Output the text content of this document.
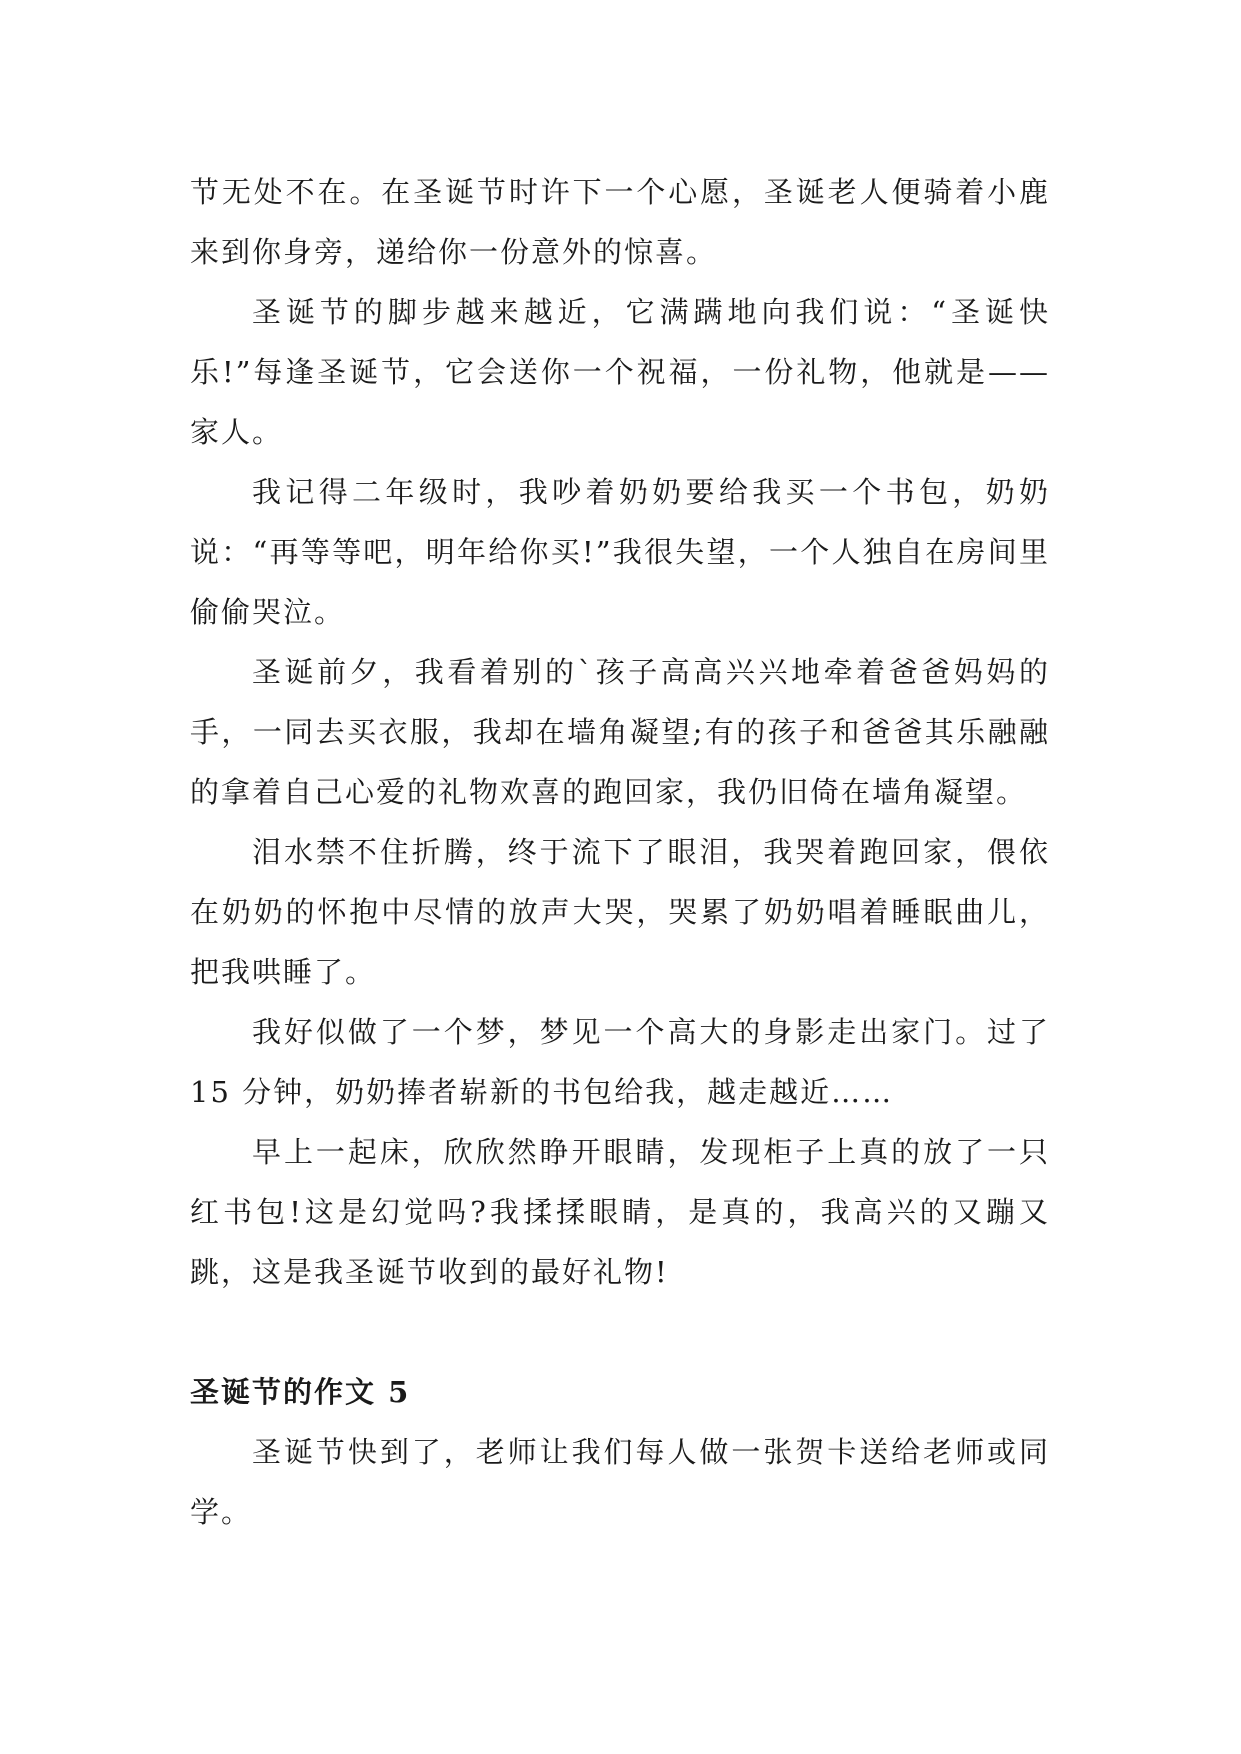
节无处不在。在圣诞节时许下一个心愿，圣诞老人便骑着小鹿来到你身旁，递给你一份意外的惊喜。

圣诞节的脚步越来越近，它满蹒地向我们说：“圣诞快乐!”每逢圣诞节，它会送你一个祝福，一份礼物，他就是——家人。

我记得二年级时，我吵着奶奶要给我买一个书包，奶奶说：“再等等吧，明年给你买!”我很失望，一个人独自在房间里偷偷哭泣。

圣诞前夕，我看着别的`孩子高高兴兴地牵着爸爸妈妈的手，一同去买衣服，我却在墙角凝望;有的孩子和爸爸其乐融融的拿着自己心爱的礼物欢喜的跑回家，我仍旧倚在墙角凝望。

泪水禁不住折腾，终于流下了眼泪，我哭着跑回家，偎依在奶奶的怀抱中尽情的放声大哭，哭累了奶奶唱着睡眠曲儿，把我哄睡了。

我好似做了一个梦，梦见一个高大的身影走出家门。过了 15 分钟，奶奶捧者崭新的书包给我，越走越近……

早上一起床，欣欣然睁开眼睛，发现柜子上真的放了一只红书包!这是幻觉吗?我揉揉眼睛，是真的，我高兴的又蹦又跳，这是我圣诞节收到的最好礼物!

圣诞节的作文 5

圣诞节快到了，老师让我们每人做一张贺卡送给老师或同学。
